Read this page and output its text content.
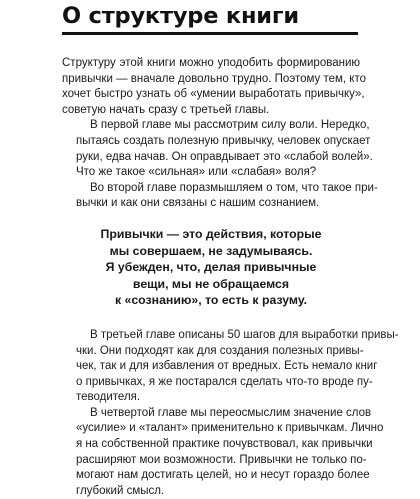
О структуре книги

Структуру этой книги можно уподобить формированию
привычки — вначале довольно трудно. Поэтому тем, кто
хочет быстро узнать об «умении выработать привычку»,
советую начать сразу с третьей главы.

В первой главе мы рассмотрим силу воли. Нередко,
пытаясь создать полезную привычку, человек опускает
руки, едва начав. Он оправдывает это «слабой волей».
Что же такое «сильная» или «слабая» воля?

Во второй главе поразмышляем о том, что такое при-
вычки и как они связаны с нашим сознанием.

Привычки — это действия, которые
мы совершаем, не задумываясь.
Я убежден, что, делая привычные
вещи, мы не обращаемся
к «сознанию», то есть к разуму.

В третьей главе описаны 50 шагов для выработки привы-
чки. Они подходят как для создания полезных привы-
чек, так и для избавления от вредных. Есть немало книг
о привычках, я же постарался сделать что-то вроде пу-
теводителя.

В четвертой главе мы переосмыслим значение слов
«усилие» и «талант» применительно к привычкам. Лично
я на собственной практике почувствовал, как привычки
расширяют мои возможности. Привычки не только по-
могают нам достигать целей, но и несут гораздо более
глубокий смысл.
